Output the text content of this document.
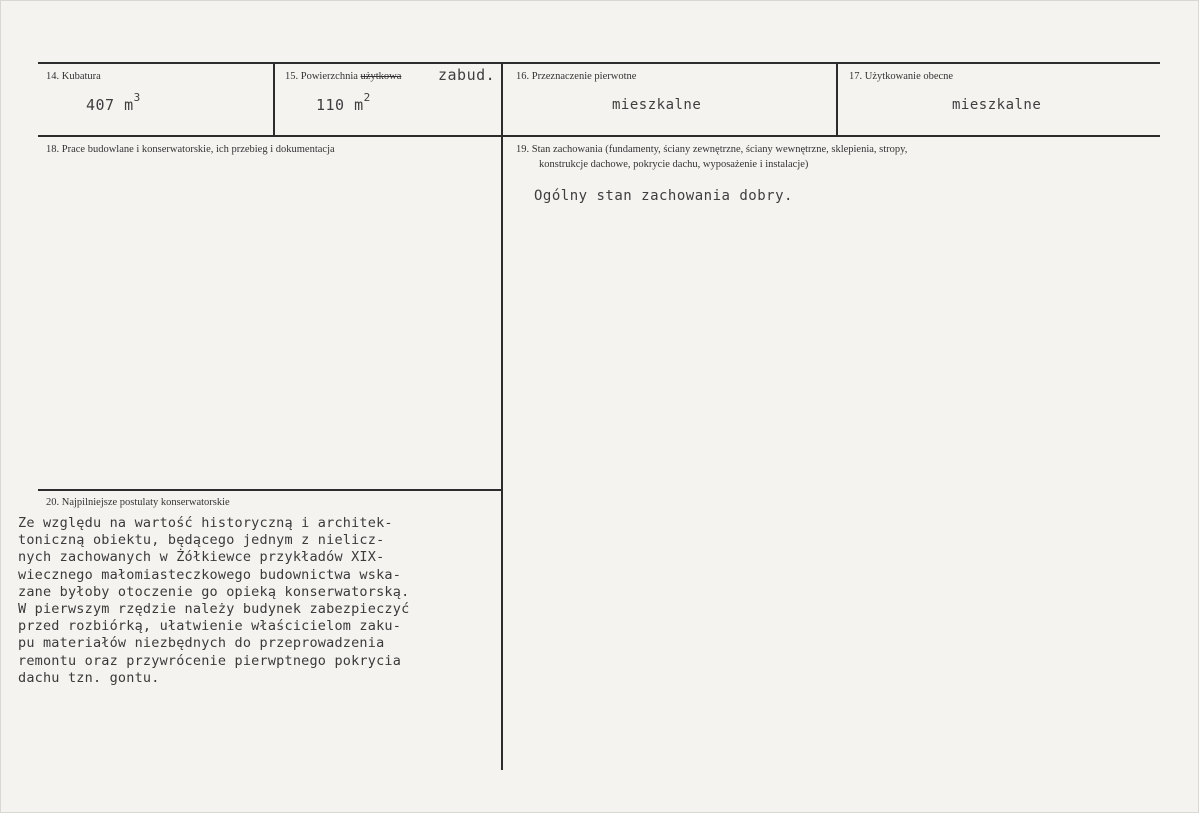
14. Kubatura
407 $m^3$
15. Powierzchnia użytkowa zabud.
110 $m^2$
16. Przeznaczenie pierwotne
mieszkalne
17. Użytkowanie obecne
mieszkalne
18. Prace budowlane i konserwatorskie, ich przebieg i dokumentacja	19. Stan zachowania (fundamenty, ściany zewnętrzne, ściany wewnętrzne, sklepienia, stropy,
konstrukcje dachowe, pokrycie dachu, wyposażenie i instalacje)
Ogólny stan zachowania dobry.
20. Najpilniejsze postulaty konserwatorskie
Ze względu na wartość historyczną i architek-
toniczną obiektu, będącego jednym z nielicz-
nych zachowanych w Żółkiewce przykładów XIX-
wiecznego małomiasteczkowego budownictwa wska-
zane byłoby otoczenie go opieką konserwatorską.
W pierwszym rzędzie należy budynek zabezpieczyć
przed rozbiórką, ułatwienie właścicielom zaku-
pu materiałów niezbędnych do przeprowadzenia
remontu oraz przywrócenie pierwptnego pokrycia
dachu tzn. gontu.
